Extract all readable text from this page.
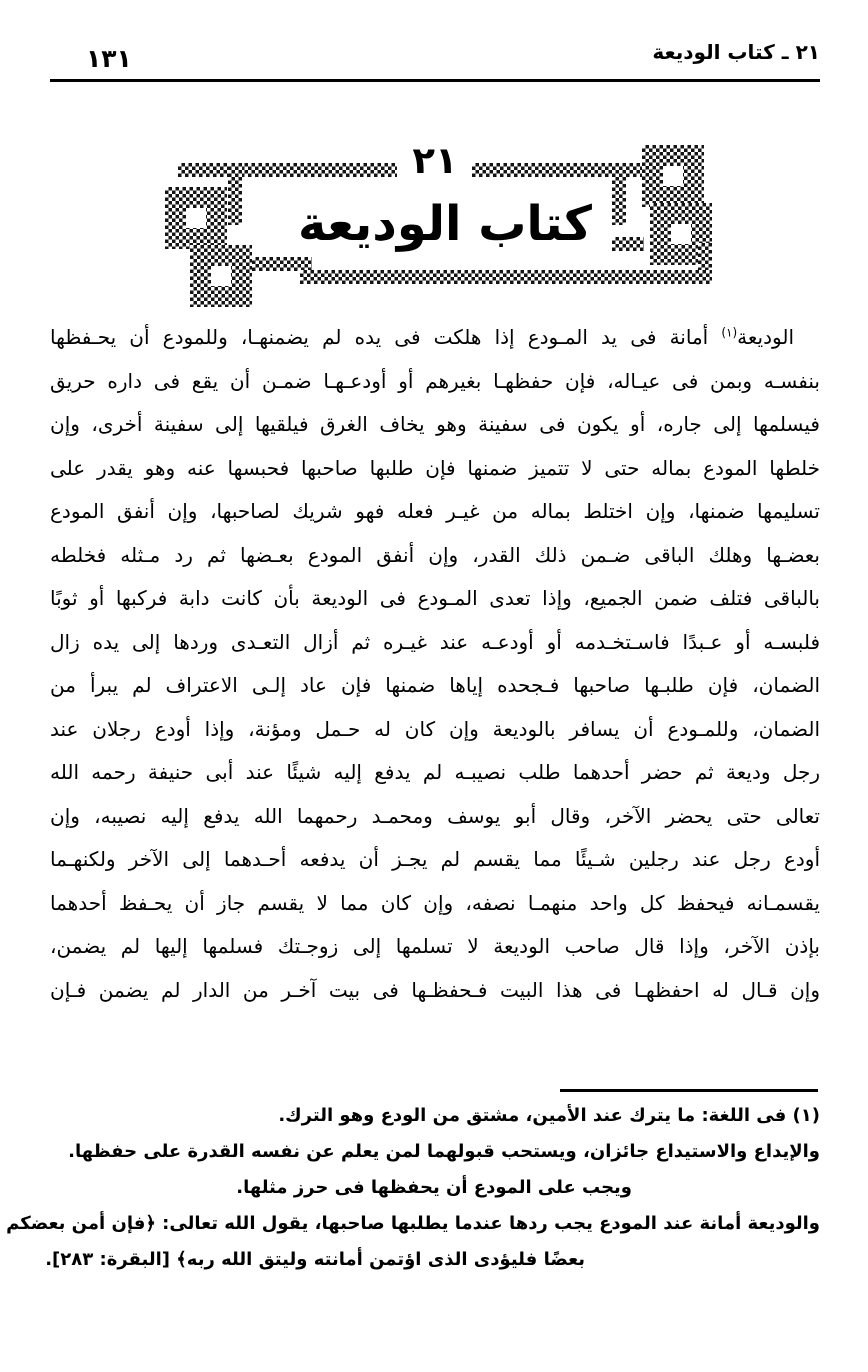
٢١ ـ كتاب الوديعة
١٣١
٢١
كتاب الوديعة
الوديعة$^{(١)}$ أمانة فى يد المـودع إذا هلكت فى يده لم يضمنهـا، وللمودع أن يحـفظها
بنفسـه وبمن فى عيـاله، فإن حفظهـا بغيرهم أو أودعـهـا ضمـن أن يقع فى داره حريق
فيسلمها إلى جاره، أو يكون فى سفينة وهو يخاف الغرق فيلقيها إلى سفينة أخرى، وإن
خلطها المودع بماله حتى لا تتميز ضمنها فإن طلبها صاحبها فحبسها عنه وهو يقدر على
تسليمها ضمنها، وإن اختلط بماله من غيـر فعله فهو شريك لصاحبها، وإن أنفق المودع
بعضـها وهلك الباقى ضـمن ذلك القدر، وإن أنفق المودع بعـضها ثم رد مـثله فخلطه
بالباقى فتلف ضمن الجميع، وإذا تعدى المـودع فى الوديعة بأن كانت دابة فركبها أو ثوبًا
فلبسـه أو عـبدًا فاسـتخـدمه أو أودعـه عند غيـره ثم أزال التعـدى وردها إلى يده زال
الضمان، فإن طلبـها صاحبها فـجحده إياها ضمنها فإن عاد إلـى الاعتراف لم يبرأ من
الضمان، وللمـودع أن يسافر بالوديعة وإن كان له حـمل ومؤنة، وإذا أودع رجلان عند
رجل وديعة ثم حضر أحدهما طلب نصيبـه لم يدفع إليه شيئًا عند أبى حنيفة رحمه الله
تعالى حتى يحضر الآخر، وقال أبو يوسف ومحمـد رحمهما الله يدفع إليه نصيبه، وإن
أودع رجل عند رجلين شـيئًا مما يقسم لم يجـز أن يدفعه أحـدهما إلى الآخر ولكنهـما
يقسمـانه فيحفظ كل واحد منهمـا نصفه، وإن كان مما لا يقسم جاز أن يحـفظ أحدهما
بإذن الآخر، وإذا قال صاحب الوديعة لا تسلمها إلى زوجـتك فسلمها إليها لم يضمن،
وإن قـال له احفظهـا فى هذا البيت فـحفظـها فى بيت آخـر من الدار لم يضمن فـإن
(١) فى اللغة: ما يترك عند الأمين، مشتق من الودع وهو الترك.
والإيداع والاستيداع جائزان، ويستحب قبولهما لمن يعلم عن نفسه القدرة على حفظها.
ويجب على المودع أن يحفظها فى حرز مثلها.
والوديعة أمانة عند المودع يجب ردها عندما يطلبها صاحبها، يقول الله تعالى: ﴿فإن أمن بعضكم
بعضًا فليؤدى الذى اؤتمن أمانته وليتق الله ربه﴾ [البقرة: ٢٨٣].
